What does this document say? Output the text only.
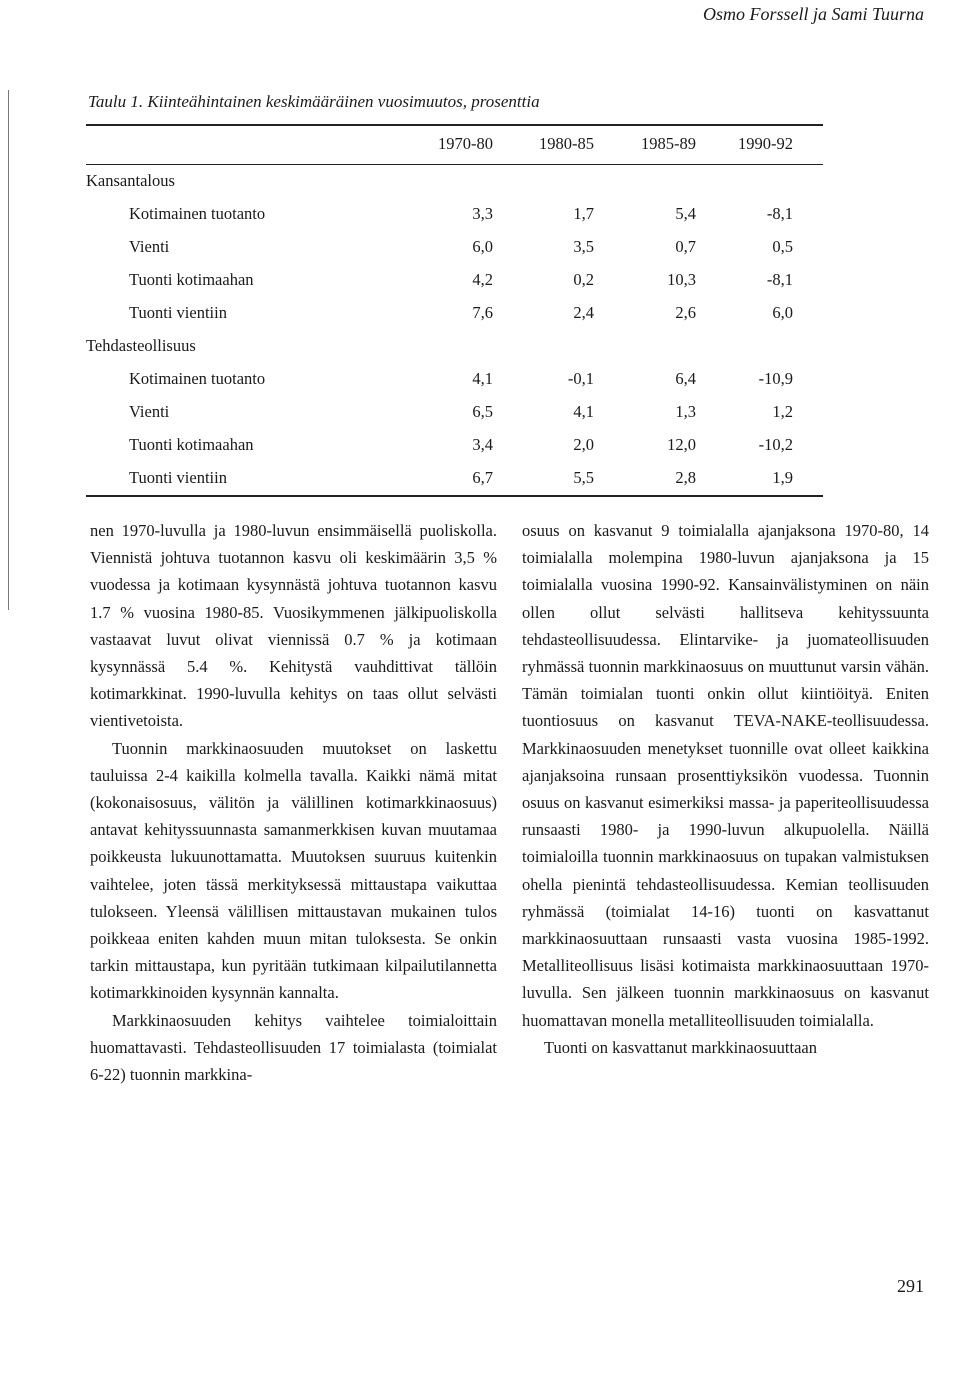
Osmo Forssell ja Sami Tuurna
Taulu 1. Kiinteähintainen keskimääräinen vuosimuutos, prosenttia
1970-80	1980-85	1985-89	1990-92
Kansantalous
Kotimainen tuotanto	3,3	1,7	5,4	-8,1
Vienti	6,0	3,5	0,7	0,5
Tuonti kotimaahan	4,2	0,2	10,3	-8,1
Tuonti vientiin	7,6	2,4	2,6	6,0
Tehdasteollisuus
Kotimainen tuotanto	4,1	-0,1	6,4	-10,9
Vienti	6,5	4,1	1,3	1,2
Tuonti kotimaahan	3,4	2,0	12,0	-10,2
Tuonti vientiin	6,7	5,5	2,8	1,9

nen 1970-luvulla ja 1980-luvun ensimmäisellä puoliskolla. Viennistä johtuva tuotannon kasvu oli keskimäärin 3,5 % vuodessa ja kotimaan kysynnästä johtuva tuotannon kasvu 1.7 % vuosina 1980-85. Vuosikymmenen jälkipuoliskolla vastaavat luvut olivat viennissä 0.7 % ja kotimaan kysynnässä 5.4 %. Kehitystä vauhdittivat tällöin kotimarkkinat. 1990-luvulla kehitys on taas ollut selvästi vientivetoista.

Tuonnin markkinaosuuden muutokset on laskettu tauluissa 2-4 kaikilla kolmella tavalla. Kaikki nämä mitat (kokonaisosuus, välitön ja välillinen kotimarkkinaosuus) antavat kehityssuunnasta samanmerkkisen kuvan muutamaa poikkeusta lukuunottamatta. Muutoksen suuruus kuitenkin vaihtelee, joten tässä merkityksessä mittaustapa vaikuttaa tulokseen. Yleensä välillisen mittaustavan mukainen tulos poikkeaa eniten kahden muun mitan tuloksesta. Se onkin tarkin mittaustapa, kun pyritään tutkimaan kilpailutilannetta kotimarkkinoiden kysynnän kannalta.

Markkinaosuuden kehitys vaihtelee toimialoittain huomattavasti. Tehdasteollisuuden 17 toimialasta (toimialat 6-22) tuonnin markkina-

osuus on kasvanut 9 toimialalla ajanjaksona 1970-80, 14 toimialalla molempina 1980-luvun ajanjaksona ja 15 toimialalla vuosina 1990-92. Kansainvälistyminen on näin ollen ollut selvästi hallitseva kehityssuunta tehdasteollisuudessa. Elintarvike- ja juomateollisuuden ryhmässä tuonnin markkinaosuus on muuttunut varsin vähän. Tämän toimialan tuonti onkin ollut kiintiöityä. Eniten tuontiosuus on kasvanut TEVA-NAKE-teollisuudessa. Markkinaosuuden menetykset tuonnille ovat olleet kaikkina ajanjaksoina runsaan prosenttiyksikön vuodessa. Tuonnin osuus on kasvanut esimerkiksi massa- ja paperiteollisuudessa runsaasti 1980- ja 1990-luvun alkupuolella. Näillä toimialoilla tuonnin markkinaosuus on tupakan valmistuksen ohella pienintä tehdasteollisuudessa. Kemian teollisuuden ryhmässä (toimialat 14-16) tuonti on kasvattanut markkinaosuuttaan runsaasti vasta vuosina 1985-1992. Metalliteollisuus lisäsi kotimaista markkinaosuuttaan 1970-luvulla. Sen jälkeen tuonnin markkinaosuus on kasvanut huomattavan monella metalliteollisuuden toimialalla.

Tuonti on kasvattanut markkinaosuuttaan

291
